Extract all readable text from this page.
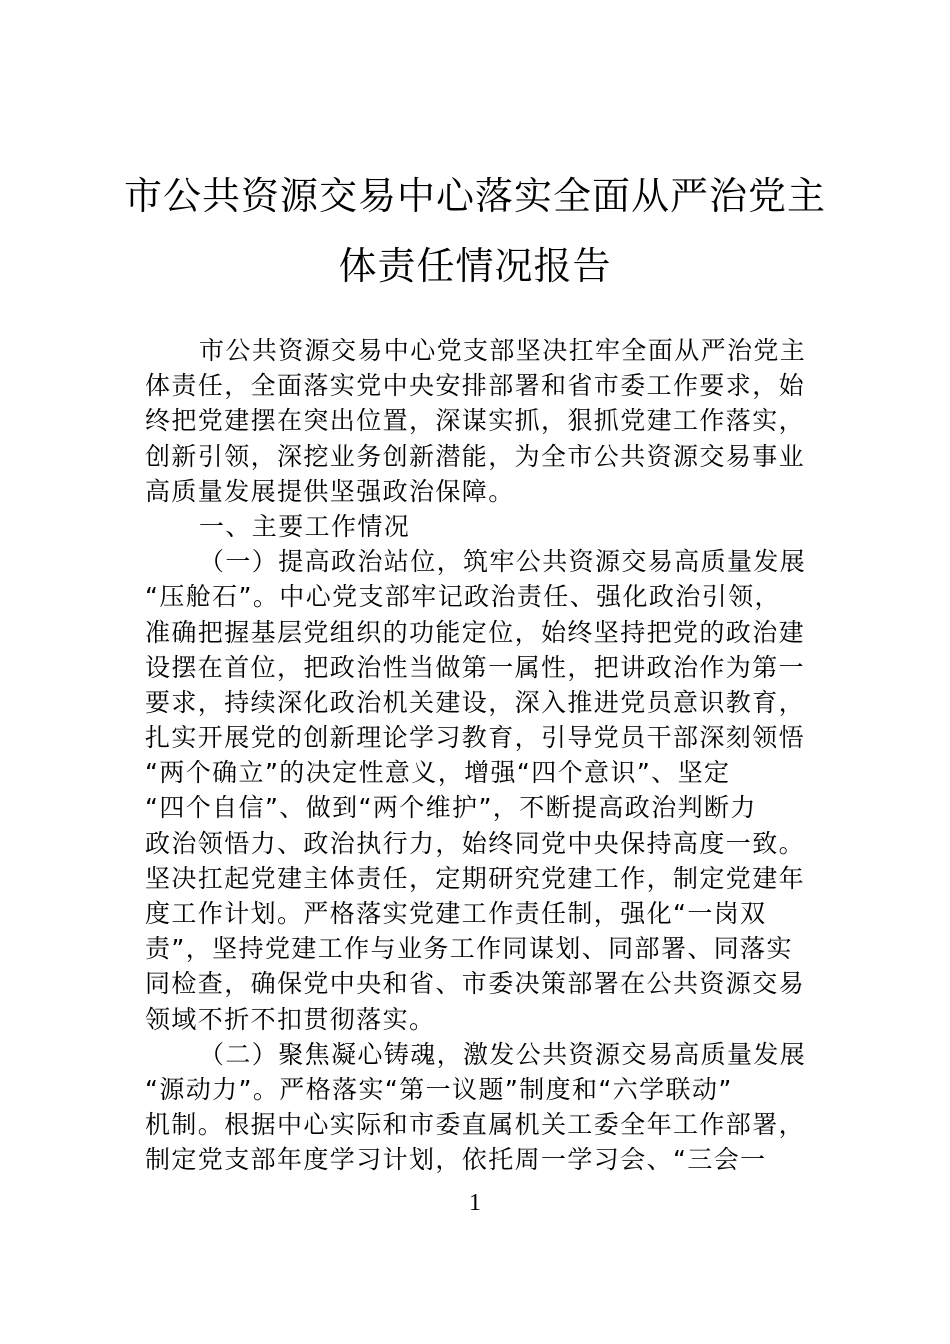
市公共资源交易中心落实全面从严治党主
体责任情况报告
市公共资源交易中心党支部坚决扛牢全面从严治党主
体责任，全面落实党中央安排部署和省市委工作要求，始
终把党建摆在突出位置，深谋实抓，狠抓党建工作落实，
创新引领，深挖业务创新潜能，为全市公共资源交易事业
高质量发展提供坚强政治保障。
一、主要工作情况
（一）提高政治站位，筑牢公共资源交易高质量发展
“压舱石”。中心党支部牢记政治责任、强化政治引领，
准确把握基层党组织的功能定位，始终坚持把党的政治建
设摆在首位，把政治性当做第一属性，把讲政治作为第一
要求，持续深化政治机关建设，深入推进党员意识教育，
扎实开展党的创新理论学习教育，引导党员干部深刻领悟
“两个确立”的决定性意义，增强“四个意识”、坚定
“四个自信”、做到“两个维护”，不断提高政治判断力
政治领悟力、政治执行力，始终同党中央保持高度一致。
坚决扛起党建主体责任，定期研究党建工作，制定党建年
度工作计划。严格落实党建工作责任制，强化“一岗双
责”，坚持党建工作与业务工作同谋划、同部署、同落实
同检查，确保党中央和省、市委决策部署在公共资源交易
领域不折不扣贯彻落实。
（二）聚焦凝心铸魂，激发公共资源交易高质量发展
“源动力”。严格落实“第一议题”制度和“六学联动”
机制。根据中心实际和市委直属机关工委全年工作部署，
制定党支部年度学习计划，依托周一学习会、“三会一
1
